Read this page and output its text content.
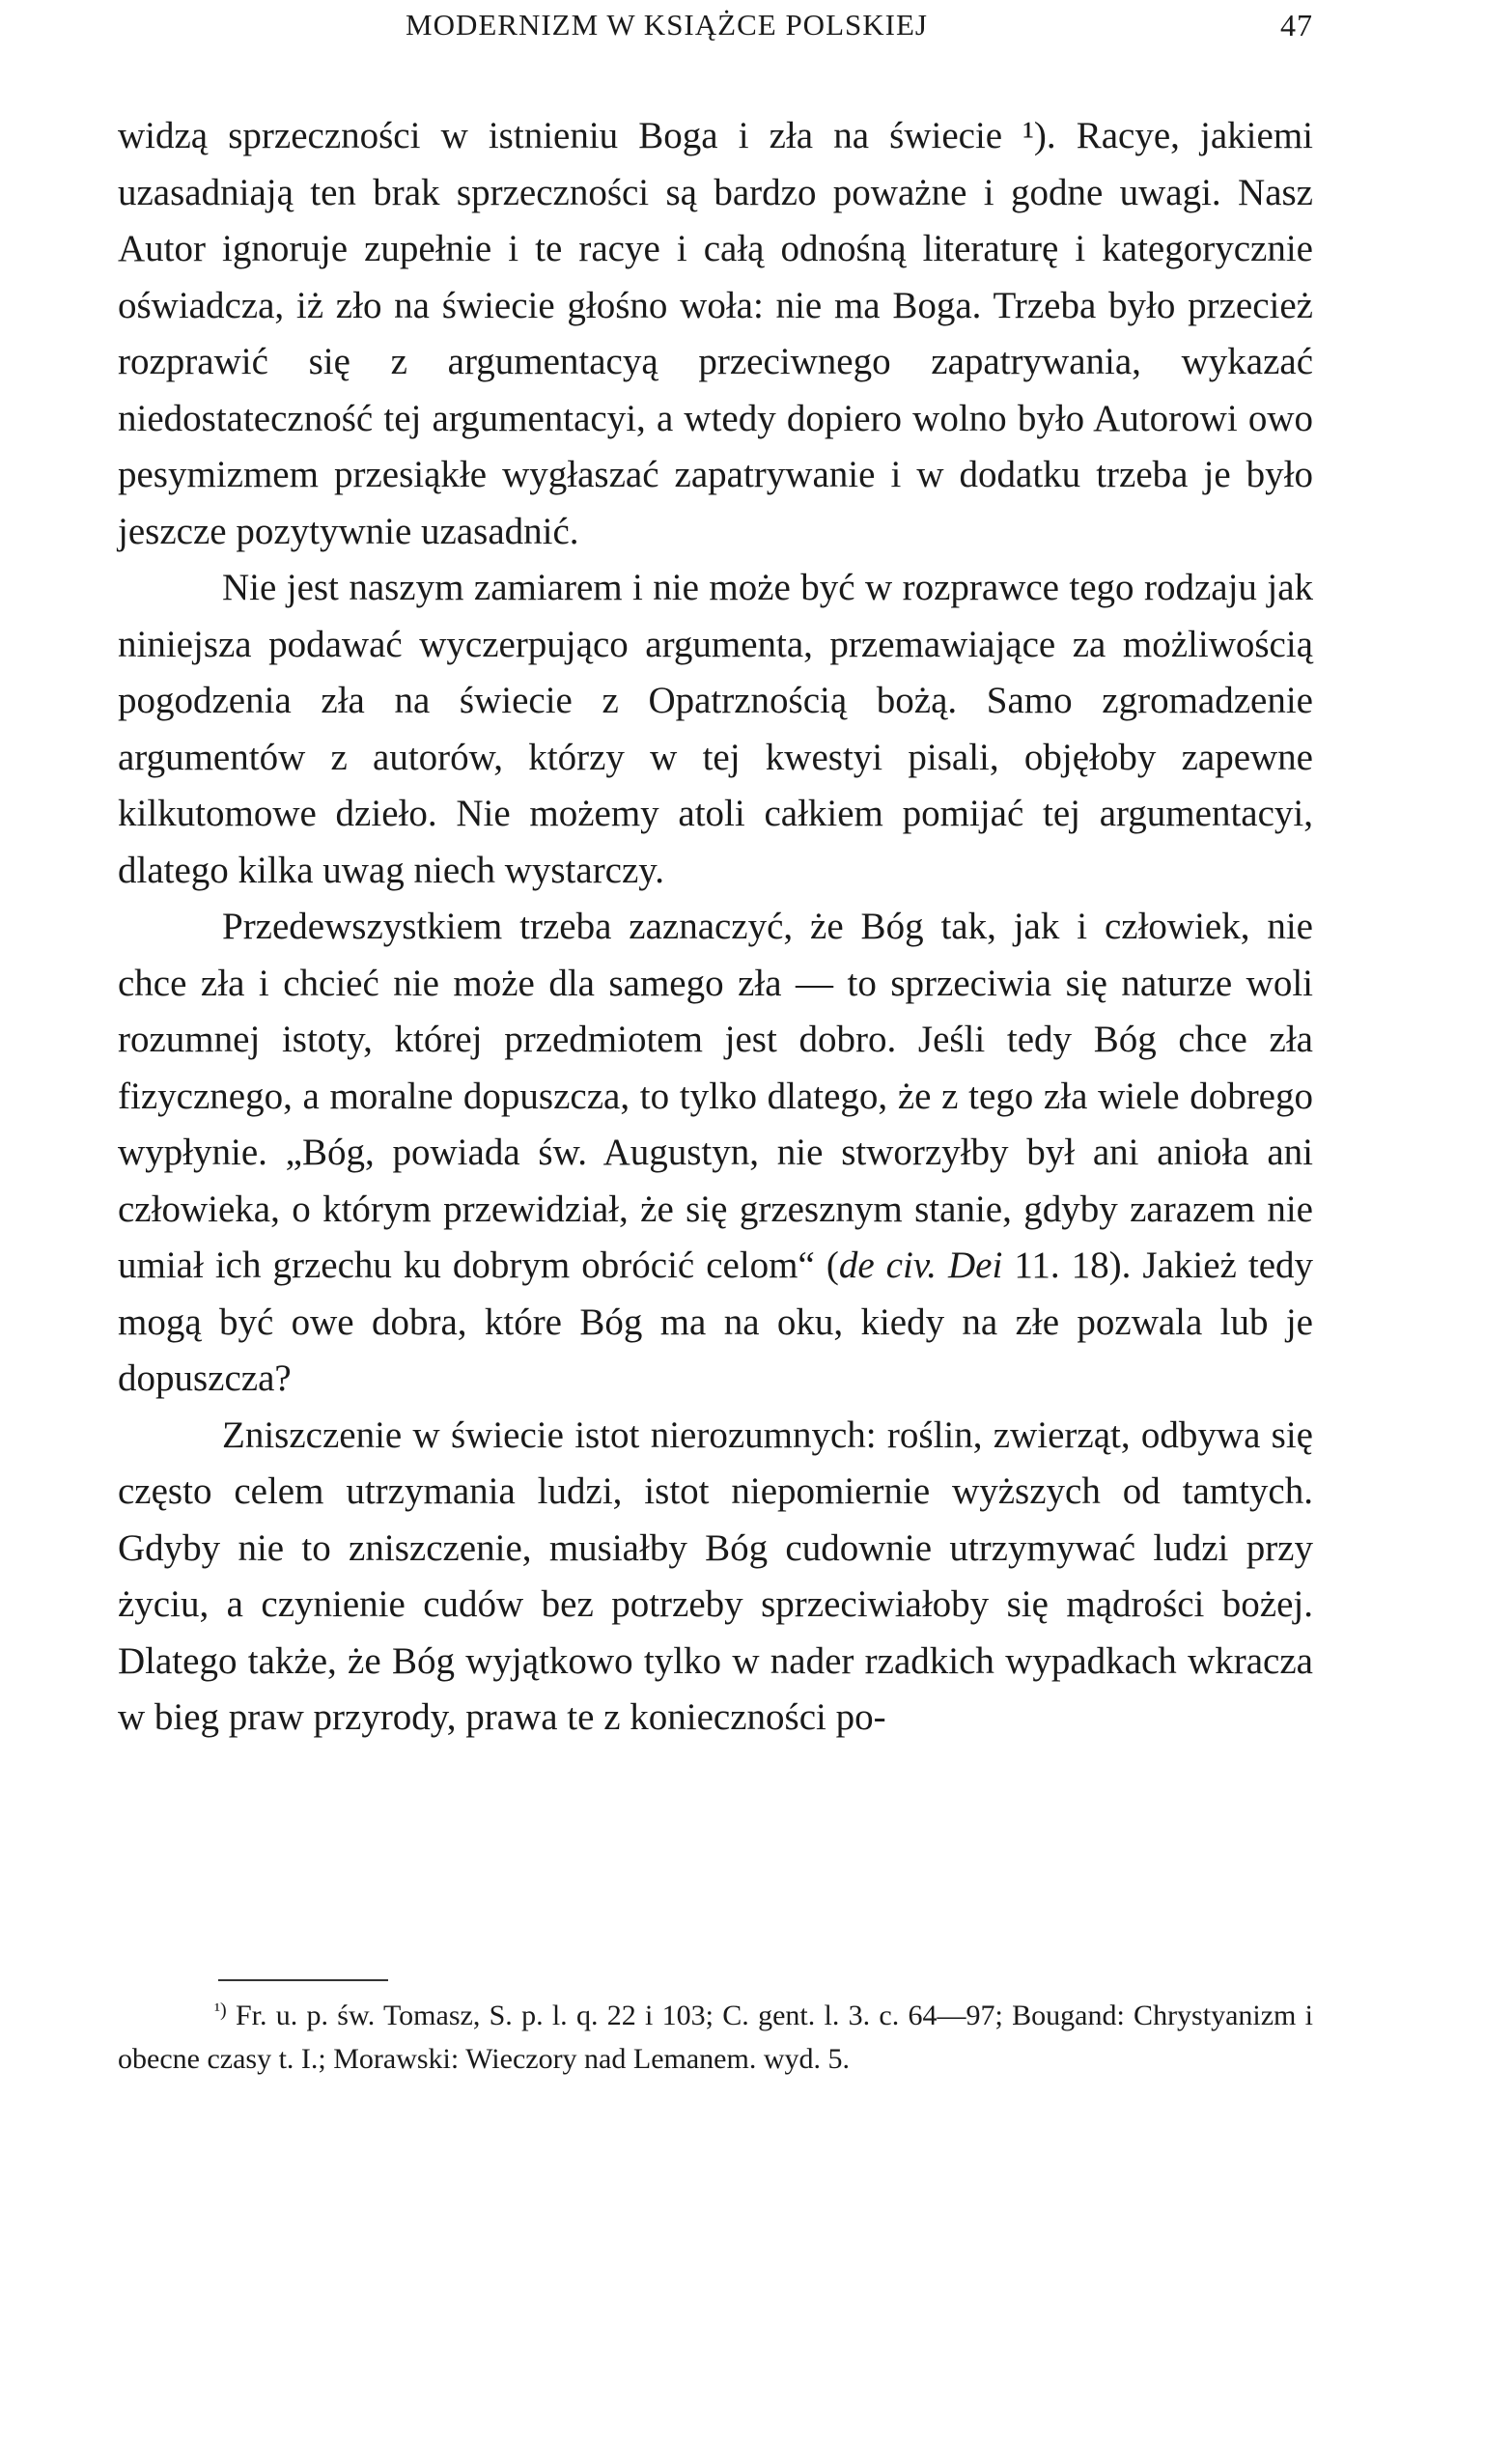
MODERNIZM W KSIĄŻCE POLSKIEJ	47

widzą sprzeczności w istnieniu Boga i zła na świecie ¹). Racye, jakiemi uzasadniają ten brak sprzeczności są bardzo poważne i godne uwagi. Nasz Autor ignoruje zupełnie i te racye i całą odnośną literaturę i kategorycznie oświadcza, iż zło na świecie głośno woła: nie ma Boga. Trzeba było przecież rozprawić się z argumentacyą przeciwnego zapatrywania, wykazać niedostateczność tej argumentacyi, a wtedy dopiero wolno było Autorowi owo pesymizmem przesiąkłe wygłaszać zapatrywanie i w dodatku trzeba je było jeszcze pozytywnie uzasadnić.

Nie jest naszym zamiarem i nie może być w rozprawce tego rodzaju jak niniejsza podawać wyczerpująco argumenta, przemawiające za możliwością pogodzenia zła na świecie z Opatrznością bożą. Samo zgromadzenie argumentów z autorów, którzy w tej kwestyi pisali, objęłoby zapewne kilkutomowe dzieło. Nie możemy atoli całkiem pomijać tej argumentacyi, dlatego kilka uwag niech wystarczy.

Przedewszystkiem trzeba zaznaczyć, że Bóg tak, jak i człowiek, nie chce zła i chcieć nie może dla samego zła — to sprzeciwia się naturze woli rozumnej istoty, której przedmiotem jest dobro. Jeśli tedy Bóg chce zła fizycznego, a moralne dopuszcza, to tylko dlatego, że z tego zła wiele dobrego wypłynie. „Bóg, powiada św. Augustyn, nie stworzyłby był ani anioła ani człowieka, o którym przewidział, że się grzesznym stanie, gdyby zarazem nie umiał ich grzechu ku dobrym obrócić celom“ (de civ. Dei 11. 18). Jakież tedy mogą być owe dobra, które Bóg ma na oku, kiedy na złe pozwala lub je dopuszcza?

Zniszczenie w świecie istot nierozumnych: roślin, zwierząt, odbywa się często celem utrzymania ludzi, istot niepomiernie wyższych od tamtych. Gdyby nie to zniszczenie, musiałby Bóg cudownie utrzymywać ludzi przy życiu, a czynienie cudów bez potrzeby sprzeciwiałoby się mądrości bożej. Dlatego także, że Bóg wyjątkowo tylko w nader rzadkich wypadkach wkracza w bieg praw przyrody, prawa te z konieczności po-

$^{^1)}$ Fr. u. p. św. Tomasz, S. p. l. q. 22 i 103; C. gent. l. 3. c. 64—97; Bougand: Chrystyanizm i obecne czasy t. I.; Morawski: Wieczory nad Lemanem. wyd. 5.
